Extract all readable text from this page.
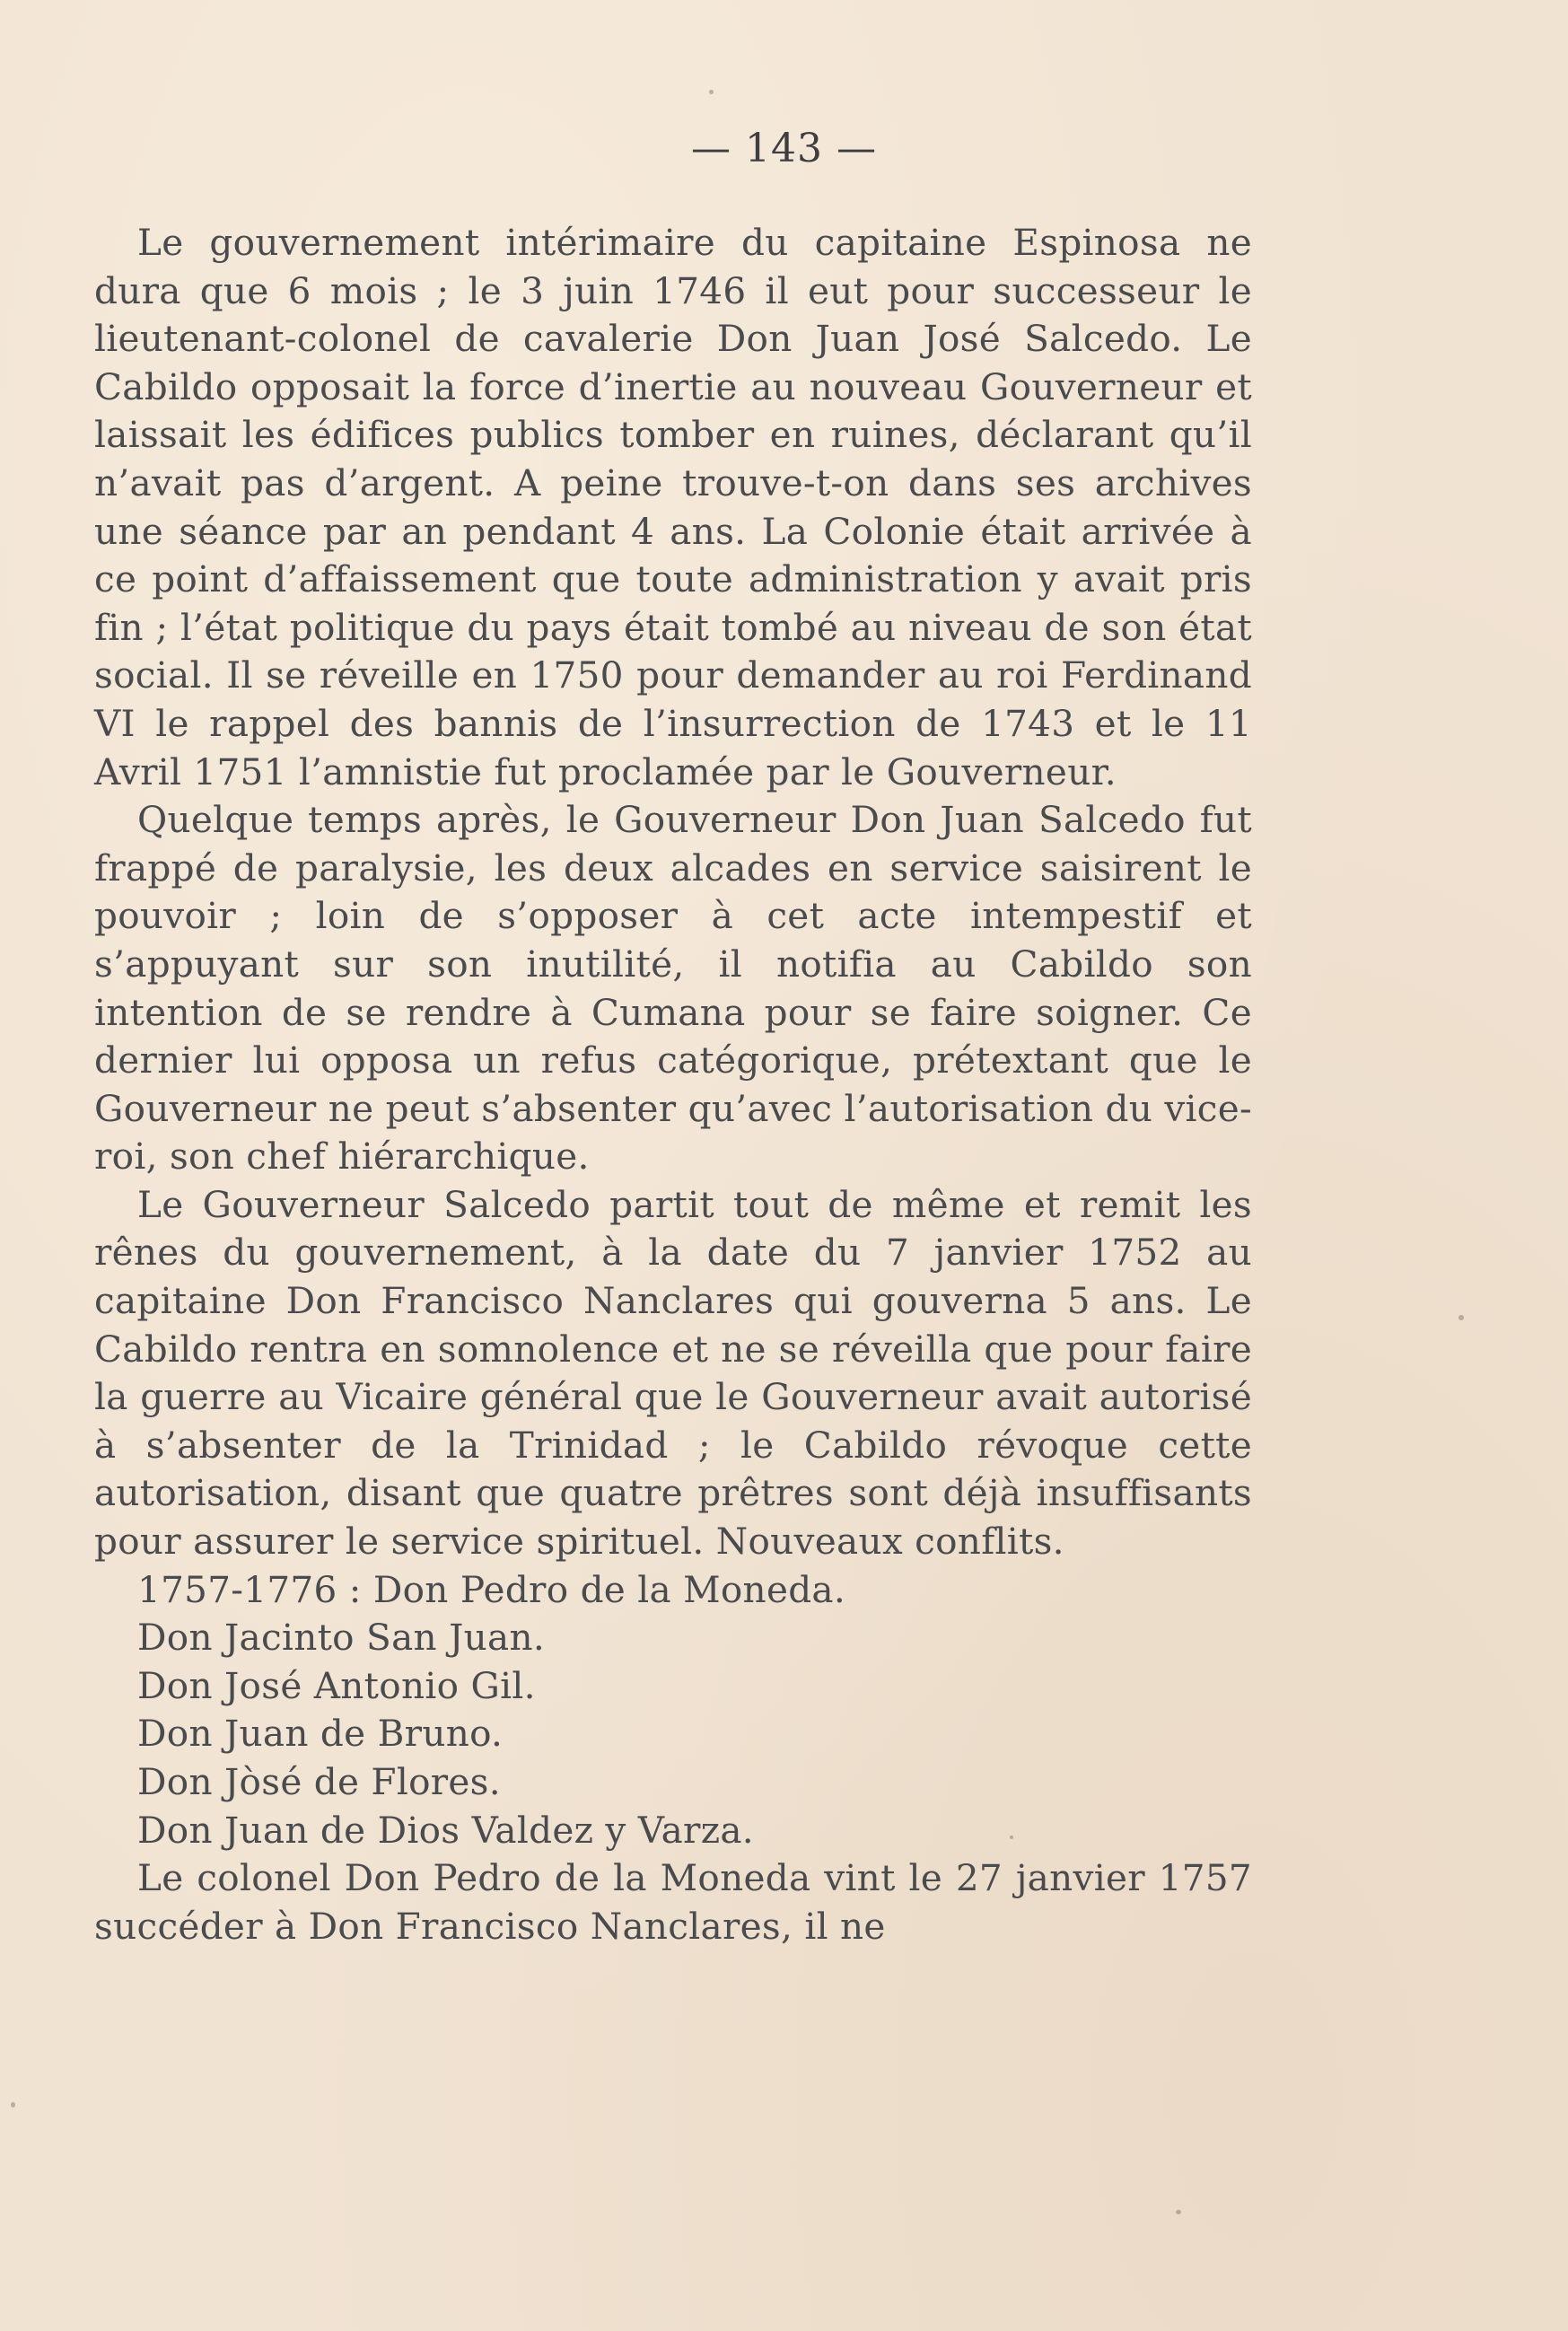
— 143 —

Le gouvernement intérimaire du capitaine Espinosa ne dura que 6 mois ; le 3 juin 1746 il eut pour successeur le lieutenant-colonel de cavalerie Don Juan José Salcedo. Le Cabildo opposait la force d’inertie au nouveau Gouverneur et laissait les édifices publics tomber en ruines, déclarant qu’il n’avait pas d’argent. A peine trouve-t-on dans ses archives une séance par an pendant 4 ans. La Colonie était arrivée à ce point d’affaissement que toute administration y avait pris fin ; l’état politique du pays était tombé au niveau de son état social. Il se réveille en 1750 pour demander au roi Ferdinand VI le rappel des bannis de l’insurrection de 1743 et le 11 Avril 1751 l’amnistie fut proclamée par le Gouverneur.

Quelque temps après, le Gouverneur Don Juan Salcedo fut frappé de paralysie, les deux alcades en service saisirent le pouvoir ; loin de s’opposer à cet acte intempestif et s’appuyant sur son inutilité, il notifia au Cabildo son intention de se rendre à Cumana pour se faire soigner. Ce dernier lui opposa un refus catégorique, prétextant que le Gouverneur ne peut s’absenter qu’avec l’autorisation du vice-roi, son chef hiérarchique.

Le Gouverneur Salcedo partit tout de même et remit les rênes du gouvernement, à la date du 7 janvier 1752 au capitaine Don Francisco Nanclares qui gouverna 5 ans. Le Cabildo rentra en somnolence et ne se réveilla que pour faire la guerre au Vicaire général que le Gouverneur avait autorisé à s’absenter de la Trinidad ; le Cabildo révoque cette autorisation, disant que quatre prêtres sont déjà insuffisants pour assurer le service spirituel. Nouveaux conflits.

1757-1776 : Don Pedro de la Moneda.

Don Jacinto San Juan.

Don José Antonio Gil.

Don Juan de Bruno.

Don Jòsé de Flores.

Don Juan de Dios Valdez y Varza.

Le colonel Don Pedro de la Moneda vint le 27 janvier 1757 succéder à Don Francisco Nanclares, il ne
